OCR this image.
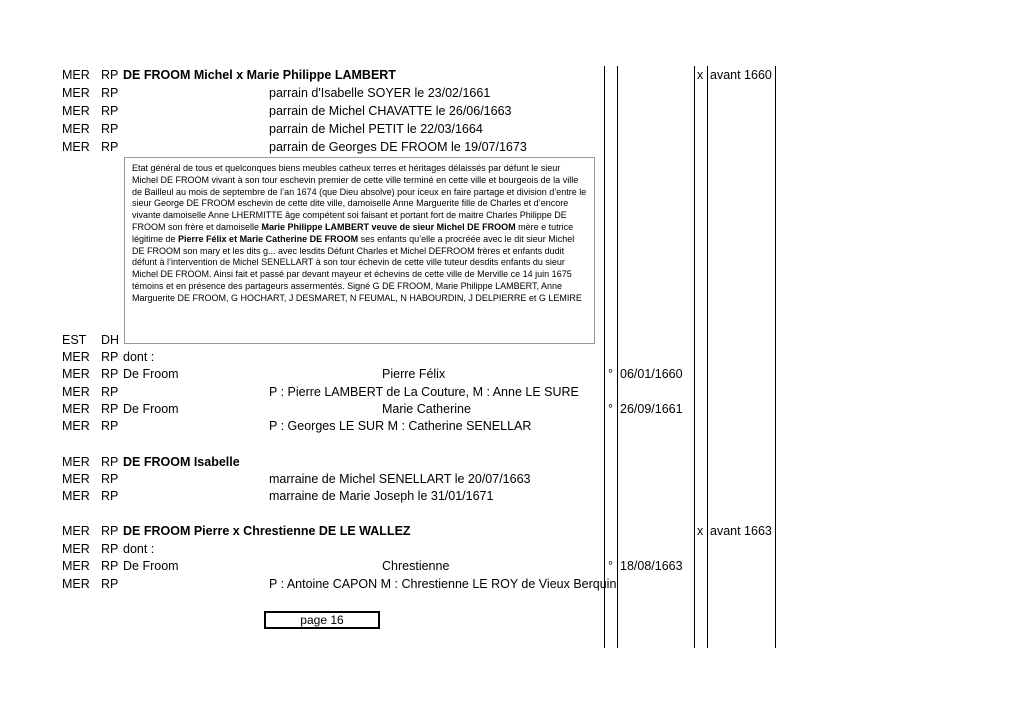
MER RP DE FROOM Michel x Marie Philippe LAMBERT	x avant 1660
MER RP	parrain d'Isabelle SOYER le 23/02/1661
MER RP	parrain de Michel CHAVATTE le 26/06/1663
MER RP	parrain de Michel PETIT le 22/03/1664
MER RP	parrain de Georges DE FROOM le 19/07/1673
EST DH
MER RP dont :
MER RP De Froom	Pierre Félix	° 06/01/1660
MER RP	P : Pierre LAMBERT de La Couture, M : Anne LE SURE
MER RP De Froom	Marie Catherine	° 26/09/1661
MER RP	P : Georges LE SUR M : Catherine SENELLAR
MER RP DE FROOM Isabelle
MER RP	marraine de Michel SENELLART le 20/07/1663
MER RP	marraine de Marie Joseph le 31/01/1671
MER RP DE FROOM Pierre x Chrestienne DE LE WALLEZ	x avant 1663
MER RP dont :
MER RP De Froom	Chrestienne	° 18/08/1663
MER RP	P : Antoine CAPON M : Chrestienne LE ROY de Vieux Berquin

Etat général de tous et quelconques biens meubles catheux terres et héritages délaissés par défunt le sieur Michel DE FROOM vivant à son tour eschevin premier de cette ville terminé en cette ville et bourgeois de la ville de Bailleul au mois de septembre de l’an 1674 (que Dieu absolve) pour iceux en faire partage et division d’entre le sieur George DE FROOM eschevin de cette dite ville, damoiselle Anne Marguerite fille de Charles et d’encore vivante damoiselle Anne LHERMITTE âge compétent soi faisant et portant fort de maitre Charles Philippe DE FROOM son frère et damoiselle Marie Philippe LAMBERT veuve de sieur Michel DE FROOM mère e tutrice légitime de Pierre Félix et Marie Catherine DE FROOM ses enfants qu’elle a procréée avec le dit sieur Michel DE FROOM son mary et les dits g... avec lesdits Défunt Charles et Michel DEFROOM frères et enfants dudit défunt à l’intervention de Michel SENELLART à son tour échevin de cette ville tuteur desdits enfants du sieur Michel DE FROOM. Ainsi fait et passé par devant mayeur et échevins de cette ville de Merville ce 14 juin 1675 témoins et en présence des partageurs assermentés. Signé G DE FROOM, Marie Philippe LAMBERT, Anne Marguerite DE FROOM, G HOCHART, J DESMARET, N FEUMAL, N HABOURDIN, J DELPIERRE et G LEMIRE

page 16
